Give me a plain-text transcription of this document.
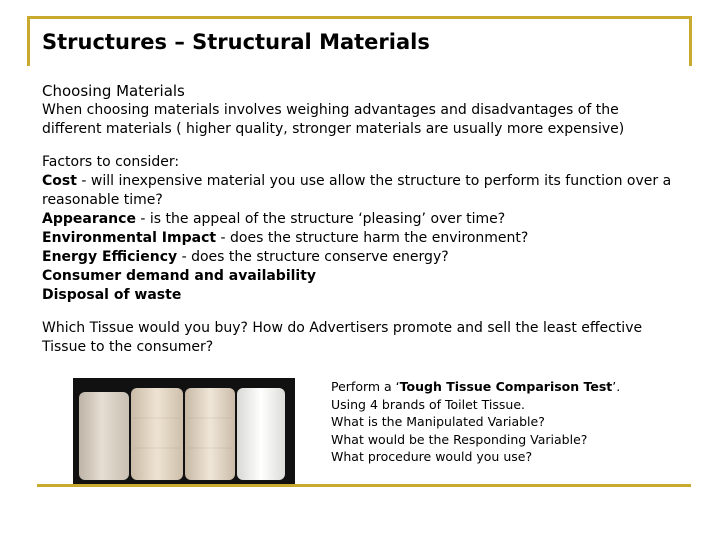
Structures – Structural Materials

Choosing Materials

When choosing materials involves weighing advantages and disadvantages of the different materials ( higher quality, stronger materials are usually more expensive)

Factors to consider:

Cost - will inexpensive material you use allow the structure to perform its function over a reasonable time?

Appearance - is the appeal of the structure ‘pleasing’ over time?

Environmental Impact - does the structure harm the environment?

Energy Efficiency - does the structure conserve energy?

Consumer demand and availability

Disposal of waste

Which Tissue would you buy? How do Advertisers promote and sell the least effective Tissue to the consumer?

Perform a ‘Tough Tissue Comparison Test’.

Using 4 brands of Toilet Tissue.

What is the Manipulated Variable?

What would be the Responding Variable?

What procedure would you use?
